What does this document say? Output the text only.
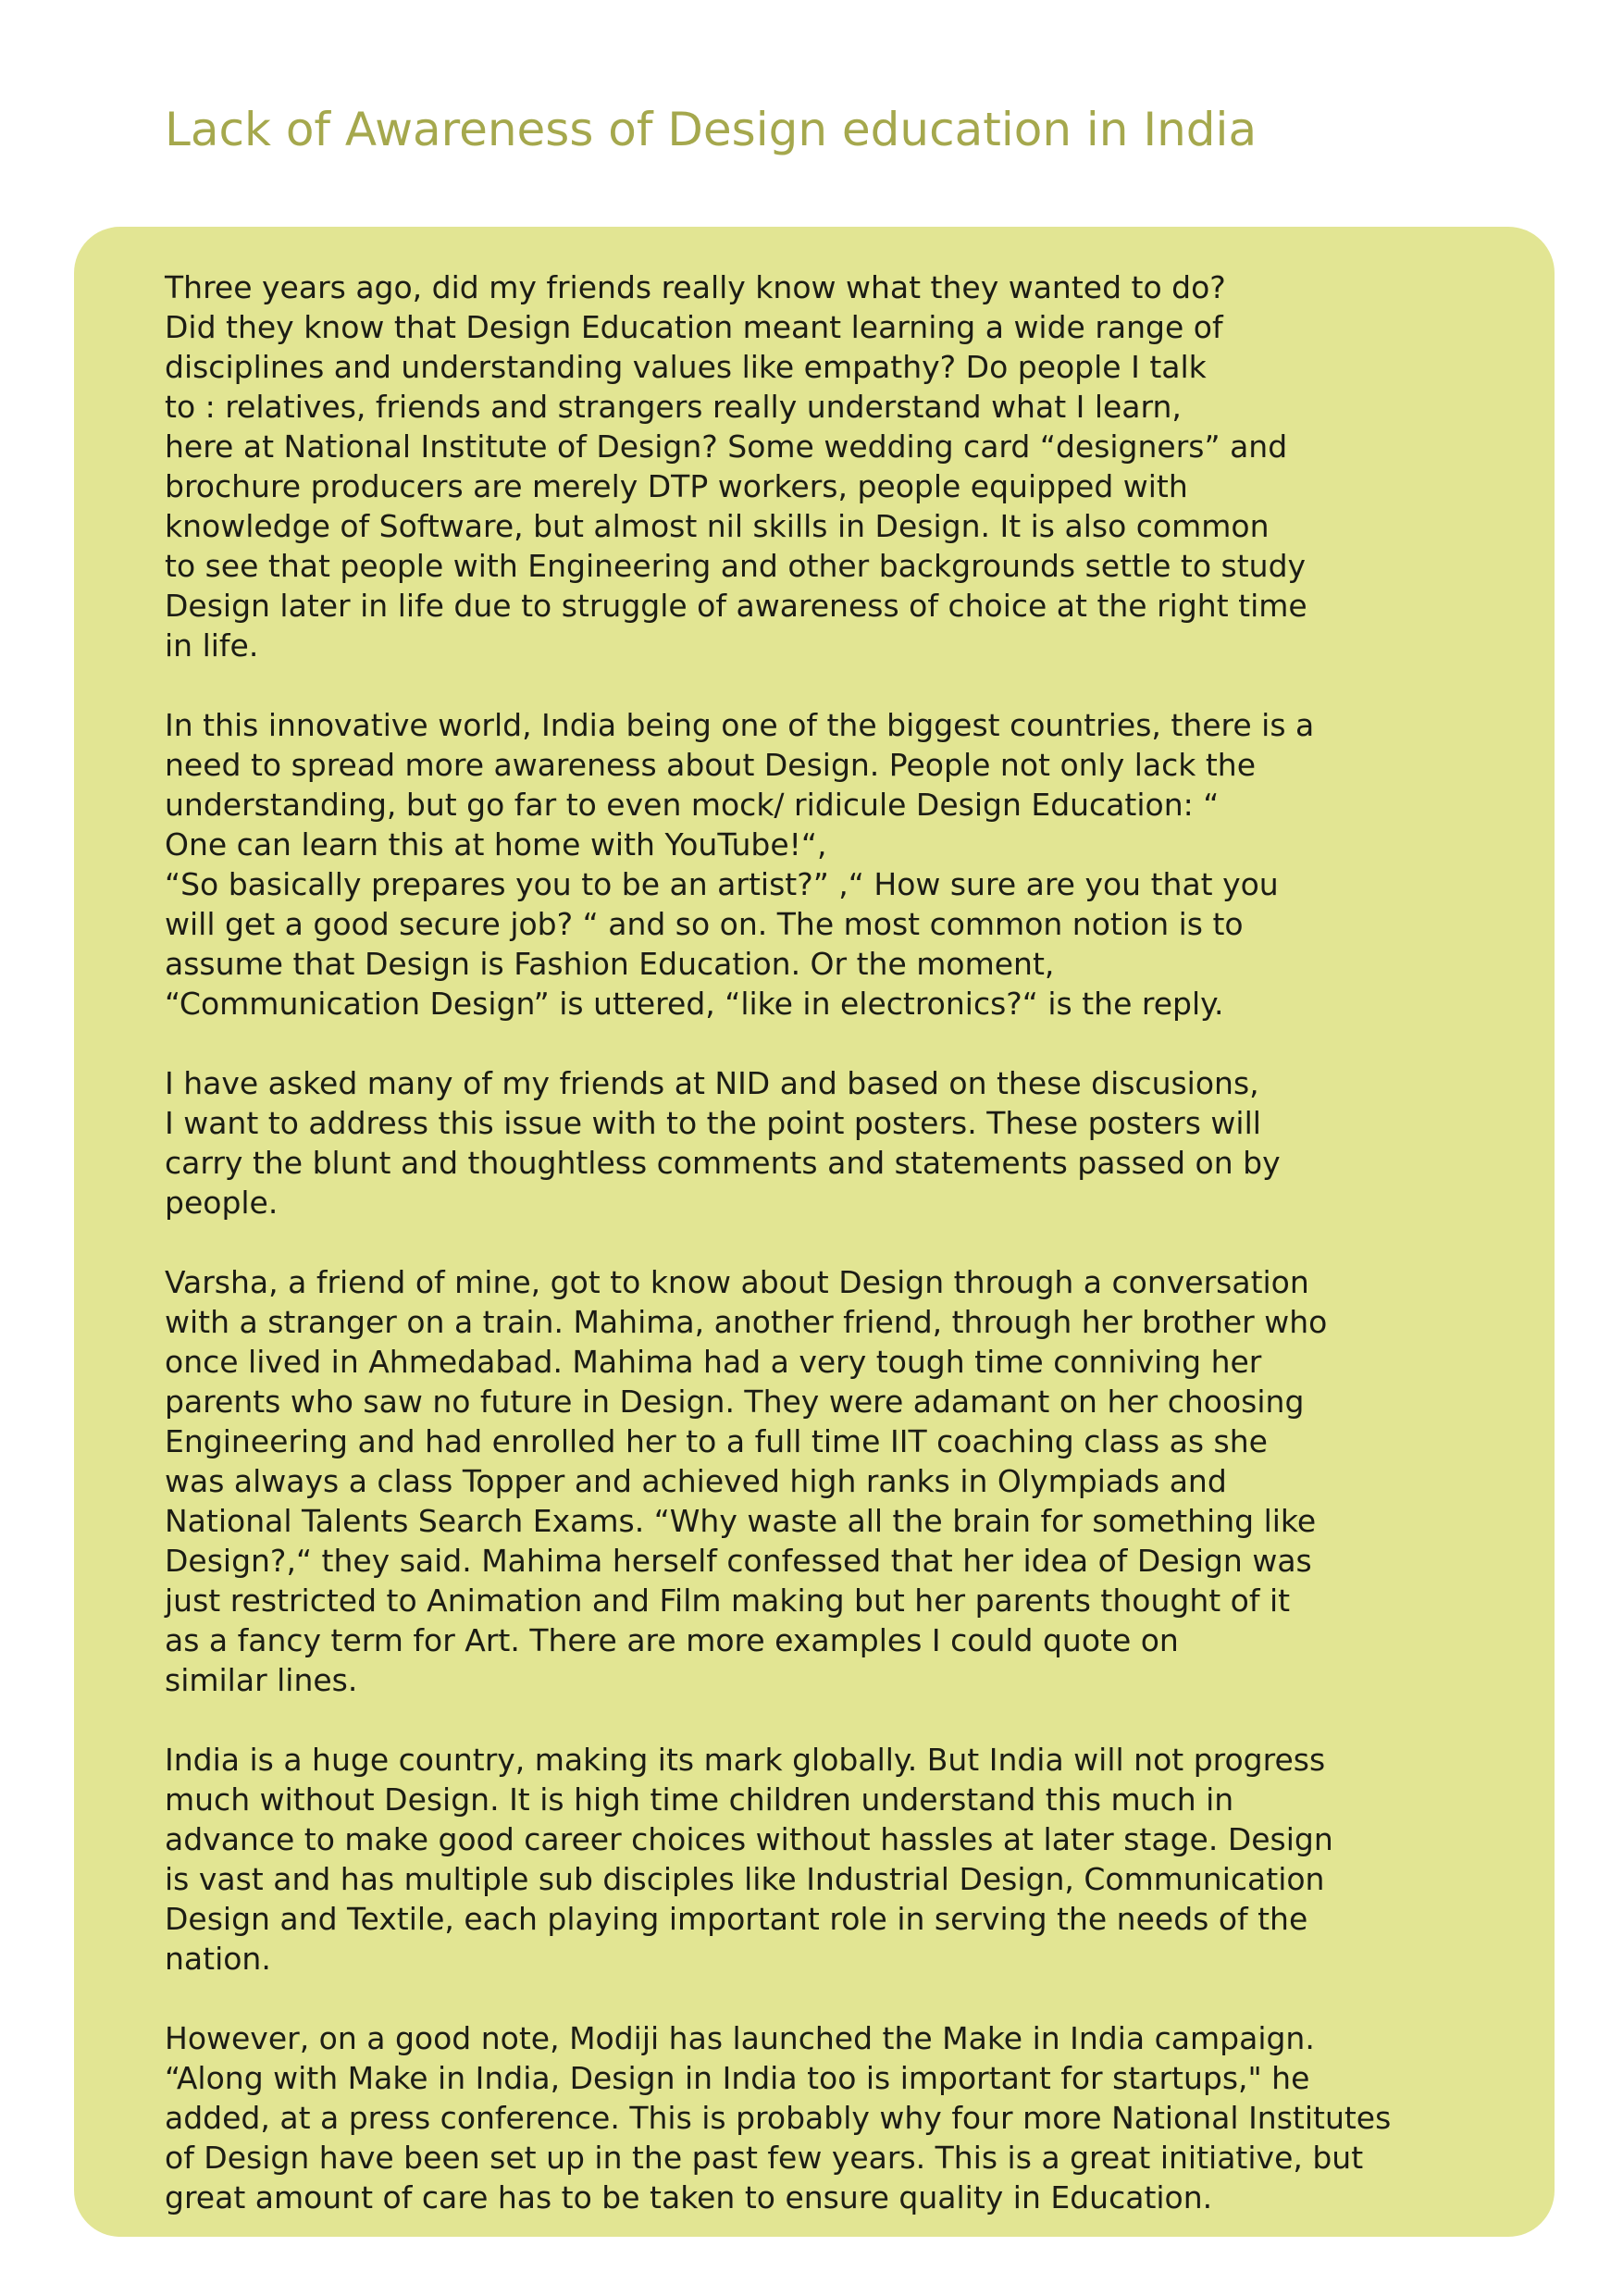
Lack of Awareness of Design education in India

Three years ago, did my friends really know what they wanted to do?
Did they know that Design Education meant learning a wide range of
disciplines and understanding values like empathy? Do people I talk
to : relatives, friends and strangers really understand what I learn,
here at National Institute of Design? Some wedding card “designers” and
brochure producers are merely DTP workers, people equipped with
knowledge of Software, but almost nil skills in Design. It is also common
to see that people with Engineering and other backgrounds settle to study
Design later in life due to struggle of awareness of choice at the right time
in life.

In this innovative world, India being one of the biggest countries, there is a
need to spread more awareness about Design. People not only lack the
understanding, but go far to even mock/ ridicule Design Education: “
One can learn this at home with YouTube!“,
“So basically prepares you to be an artist?” ,“ How sure are you that you
will get a good secure job? “ and so on. The most common notion is to
assume that Design is Fashion Education. Or the moment,
“Communication Design” is uttered, “like in electronics?“ is the reply.

I have asked many of my friends at NID and based on these discusions,
I want to address this issue with to the point posters. These posters will
carry the blunt and thoughtless comments and statements passed on by
people.

Varsha, a friend of mine, got to know about Design through a conversation
with a stranger on a train. Mahima, another friend, through her brother who
once lived in Ahmedabad. Mahima had a very tough time conniving her
parents who saw no future in Design. They were adamant on her choosing
Engineering and had enrolled her to a full time IIT coaching class as she
was always a class Topper and achieved high ranks in Olympiads and
National Talents Search Exams. “Why waste all the brain for something like
Design?,“ they said. Mahima herself confessed that her idea of Design was
just restricted to Animation and Film making but her parents thought of it
as a fancy term for Art. There are more examples I could quote on
similar lines.

India is a huge country, making its mark globally. But India will not progress
much without Design. It is high time children understand this much in
advance to make good career choices without hassles at later stage. Design
is vast and has multiple sub disciples like Industrial Design, Communication
Design and Textile, each playing important role in serving the needs of the
nation.

However, on a good note, Modiji has launched the Make in India campaign.
“Along with Make in India, Design in India too is important for startups," he
added, at a press conference. This is probably why four more National Institutes
of Design have been set up in the past few years. This is a great initiative, but
great amount of care has to be taken to ensure quality in Education.
